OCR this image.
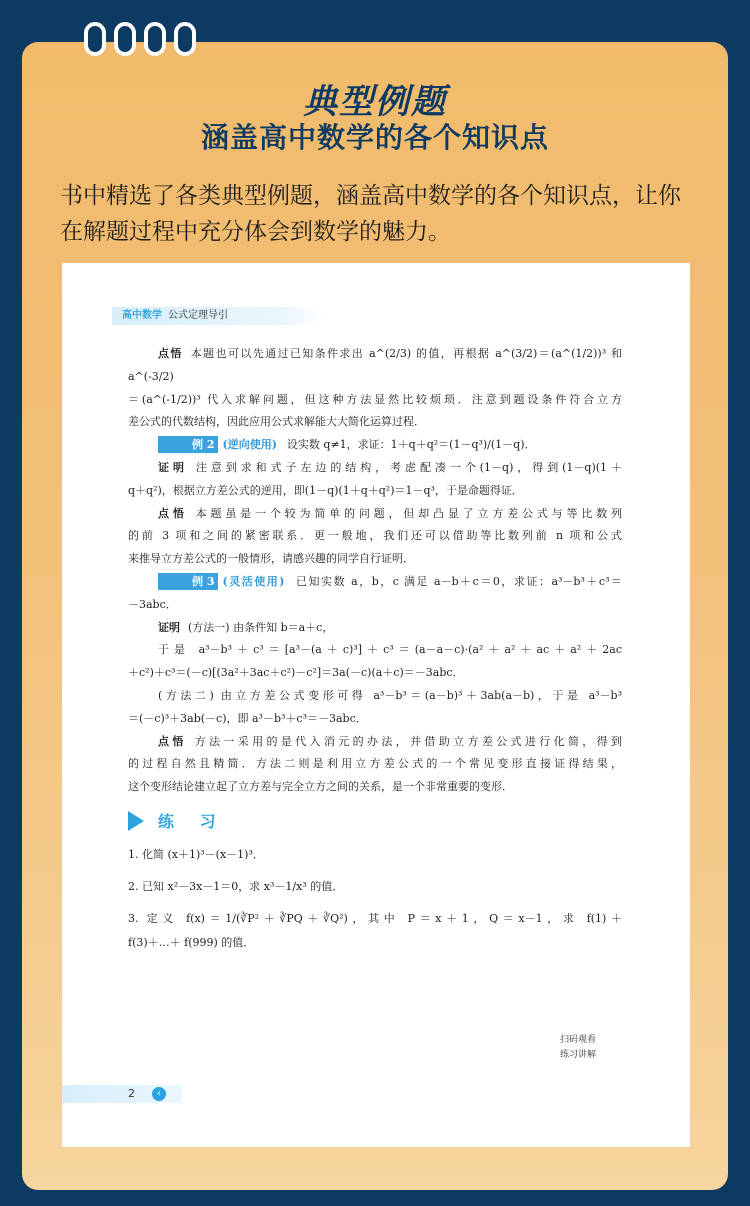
典型例题
涵盖高中数学的各个知识点
书中精选了各类典型例题，涵盖高中数学的各个知识点，让你在解题过程中充分体会到数学的魅力。
高中数学 公式定理导引

点悟 本题也可以先通过已知条件求出 a^(2/3) 的值，再根据 a^(3/2)＝(a^(1/2))³ 和 a^(-3/2)

＝(a^(-1/2))³ 代入求解问题，但这种方法显然比较烦琐．注意到题设条件符合立方

差公式的代数结构，因此应用公式求解能大大简化运算过程．

例 2 (逆向使用) 设实数 q≠1，求证：1＋q＋q²＝(1－q³)/(1－q)．

证明 注意到求和式子左边的结构，考虑配凑一个(1－q)，得到(1－q)(1＋

q＋q²)，根据立方差公式的逆用，即(1－q)(1＋q＋q²)＝1－q³，于是命题得证．

点悟 本题虽是一个较为简单的问题，但却凸显了立方差公式与等比数列

的前 3 项和之间的紧密联系．更一般地，我们还可以借助等比数列前 n 项和公式

来推导立方差公式的一般情形，请感兴趣的同学自行证明．

例 3 (灵活使用) 已知实数 a，b，c 满足 a－b＋c＝0，求证：a³－b³＋c³＝

－3abc．

证明 (方法一) 由条件知 b＝a＋c，

于是 a³－b³＋c³＝[a³－(a＋c)³]＋c³＝(a－a－c)·(a²＋a²＋ac＋a²＋2ac

＋c²)＋c³＝(－c)[(3a²＋3ac＋c²)－c²]＝3a(－c)(a＋c)＝－3abc．

(方法二) 由立方差公式变形可得 a³－b³＝(a－b)³＋3ab(a－b)，于是 a³－b³

＝(－c)³＋3ab(－c)，即 a³－b³＋c³＝－3abc．

点悟 方法一采用的是代入消元的办法，并借助立方差公式进行化简，得到

的过程自然且精简．方法二则是利用立方差公式的一个常见变形直接证得结果，

这个变形结论建立起了立方差与完全立方之间的关系，是一个非常重要的变形．

练 习

1. 化简 (x＋1)³－(x－1)³．

2. 已知 x²－3x－1＝0，求 x³－1/x³ 的值．

3. 定义 f(x)＝1/(∛P²＋∛PQ＋∛Q²)，其中 P＝x＋1，Q＝x－1，求 f(1)＋

f(3)＋…＋ f(999) 的值．

扫码观看
练习讲解
2	‹
